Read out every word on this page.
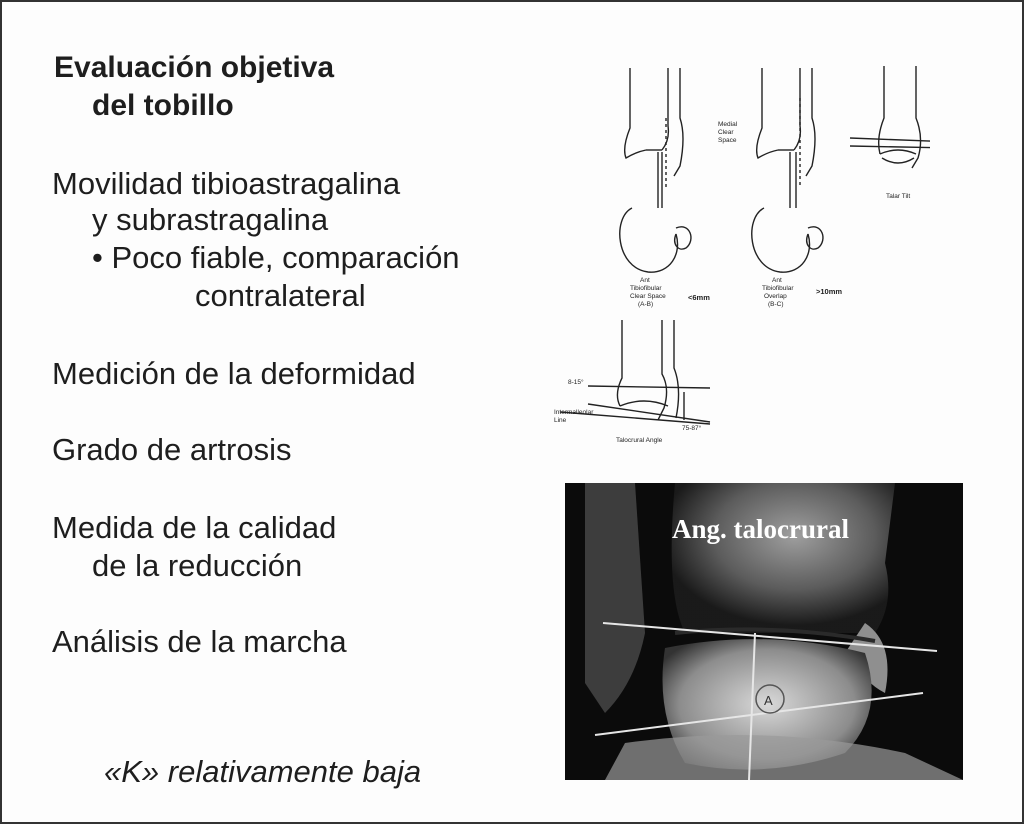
Evaluación objetiva
del tobillo
Movilidad tibioastragalina
y subrastragalina
• Poco fiable, comparación
contralateral
Medición de la deformidad
Grado de artrosis
Medida de la calidad
de la reducción
Análisis de la marcha
«K» relativamente baja
Ant
Tibiofibular
Clear Space
(A-B)
<6mm
Medial
Clear
Space
Ant
Tibiofibular
Overlap
(B-C)
>10mm
Talar Tilt
8-15°
75-87°
Intermalleolar
Line
Talocrural Angle
A
Ang. talocrural
